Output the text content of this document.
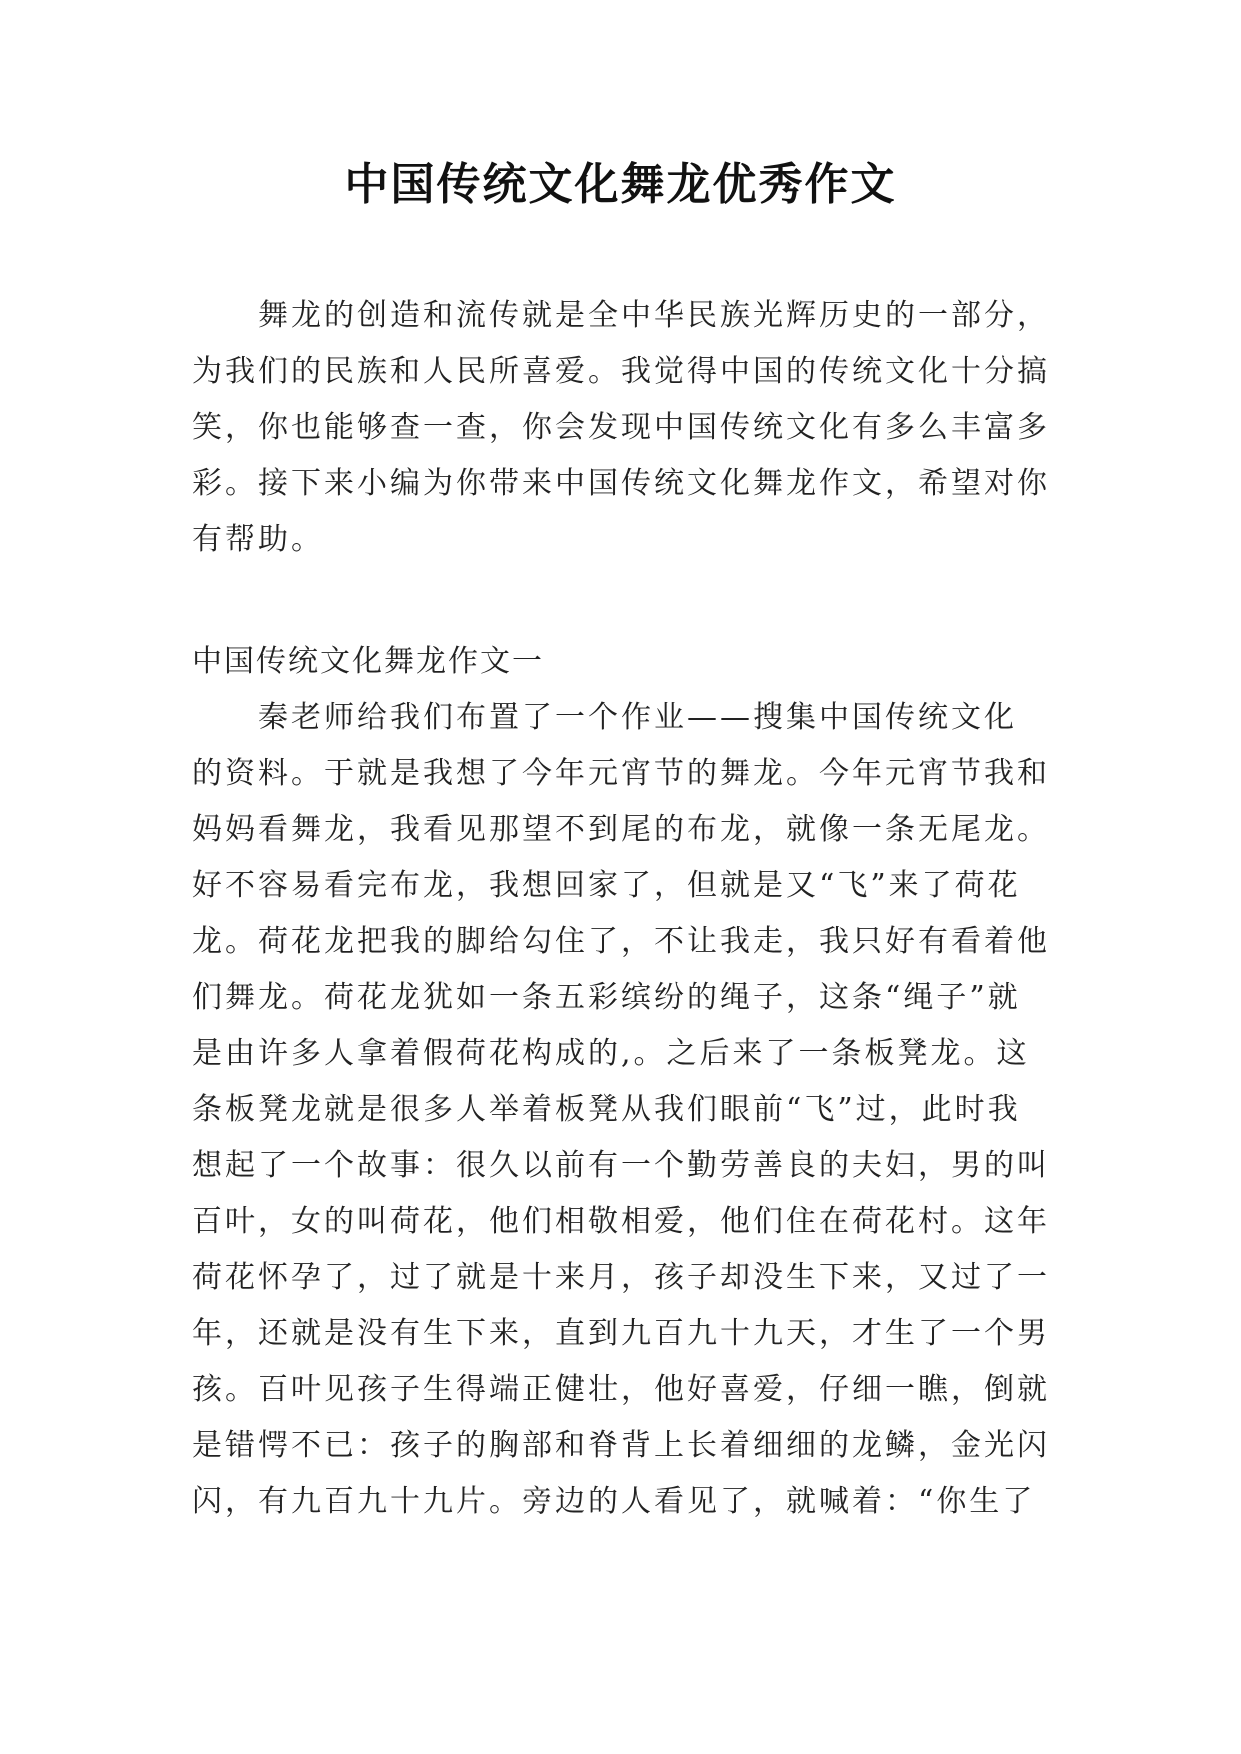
中国传统文化舞龙优秀作文
　　舞龙的创造和流传就是全中华民族光辉历史的一部分，
为我们的民族和人民所喜爱。我觉得中国的传统文化十分搞
笑，你也能够查一查，你会发现中国传统文化有多么丰富多
彩。接下来小编为你带来中国传统文化舞龙作文，希望对你
有帮助。
中国传统文化舞龙作文一
　　秦老师给我们布置了一个作业——搜集中国传统文化
的资料。于就是我想了今年元宵节的舞龙。今年元宵节我和
妈妈看舞龙，我看见那望不到尾的布龙，就像一条无尾龙。
好不容易看完布龙，我想回家了，但就是又“飞”来了荷花
龙。荷花龙把我的脚给勾住了，不让我走，我只好有看着他
们舞龙。荷花龙犹如一条五彩缤纷的绳子，这条“绳子”就
是由许多人拿着假荷花构成的,。之后来了一条板凳龙。这
条板凳龙就是很多人举着板凳从我们眼前“飞”过，此时我
想起了一个故事：很久以前有一个勤劳善良的夫妇，男的叫
百叶，女的叫荷花，他们相敬相爱，他们住在荷花村。这年
荷花怀孕了，过了就是十来月，孩子却没生下来，又过了一
年，还就是没有生下来，直到九百九十九天，才生了一个男
孩。百叶见孩子生得端正健壮，他好喜爱，仔细一瞧，倒就
是错愕不已：孩子的胸部和脊背上长着细细的龙鳞，金光闪
闪，有九百九十九片。旁边的人看见了，就喊着：“你生了
